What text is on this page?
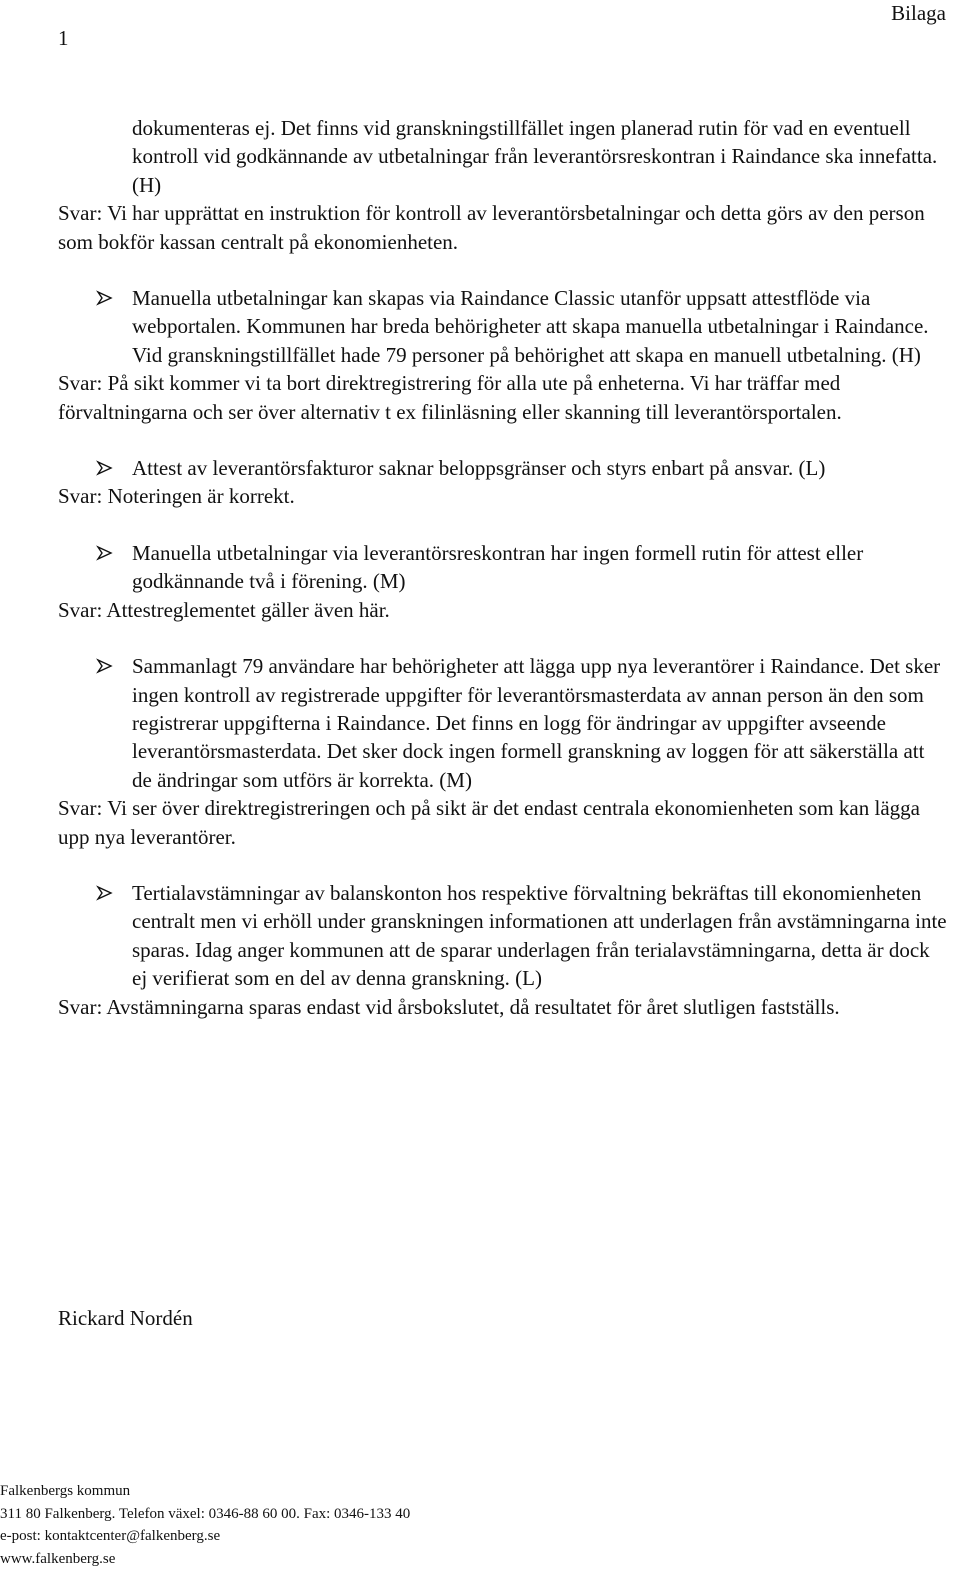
1
Bilaga

dokumenteras ej. Det finns vid granskningstillfället ingen planerad rutin för vad en eventuell kontroll vid godkännande av utbetalningar från leverantörsreskontran i Raindance ska innefatta. (H)

Svar: Vi har upprättat en instruktion för kontroll av leverantörsbetalningar och detta görs av den person som bokför kassan centralt på ekonomienheten.

Manuella utbetalningar kan skapas via Raindance Classic utanför uppsatt attestflöde via webportalen. Kommunen har breda behörigheter att skapa manuella utbetalningar i Raindance. Vid granskningstillfället hade 79 personer på behörighet att skapa en manuell utbetalning. (H)

Svar: På sikt kommer vi ta bort direktregistrering för alla ute på enheterna. Vi har träffar med förvaltningarna och ser över alternativ t ex filinläsning eller skanning till leverantörsportalen.

Attest av leverantörsfakturor saknar beloppsgränser och styrs enbart på ansvar. (L)

Svar: Noteringen är korrekt.

Manuella utbetalningar via leverantörsreskontran har ingen formell rutin för attest eller godkännande två i förening. (M)

Svar: Attestreglementet gäller även här.

Sammanlagt 79 användare har behörigheter att lägga upp nya leverantörer i Raindance. Det sker ingen kontroll av registrerade uppgifter för leverantörsmasterdata av annan person än den som registrerar uppgifterna i Raindance. Det finns en logg för ändringar av uppgifter avseende leverantörsmasterdata. Det sker dock ingen formell granskning av loggen för att säkerställa att de ändringar som utförs är korrekta. (M)

Svar: Vi ser över direktregistreringen och på sikt är det endast centrala ekonomienheten som kan lägga upp nya leverantörer.

Tertialavstämningar av balanskonton hos respektive förvaltning bekräftas till ekonomienheten centralt men vi erhöll under granskningen informationen att underlagen från avstämningarna inte sparas. Idag anger kommunen att de sparar underlagen från terialavstämningarna, detta är dock ej verifierat som en del av denna granskning. (L)

Svar: Avstämningarna sparas endast vid årsbokslutet, då resultatet för året slutligen fastställs.

Rickard Nordén
Falkenbergs kommun
311 80 Falkenberg. Telefon växel: 0346-88 60 00. Fax: 0346-133 40
e-post: kontaktcenter@falkenberg.se
www.falkenberg.se
